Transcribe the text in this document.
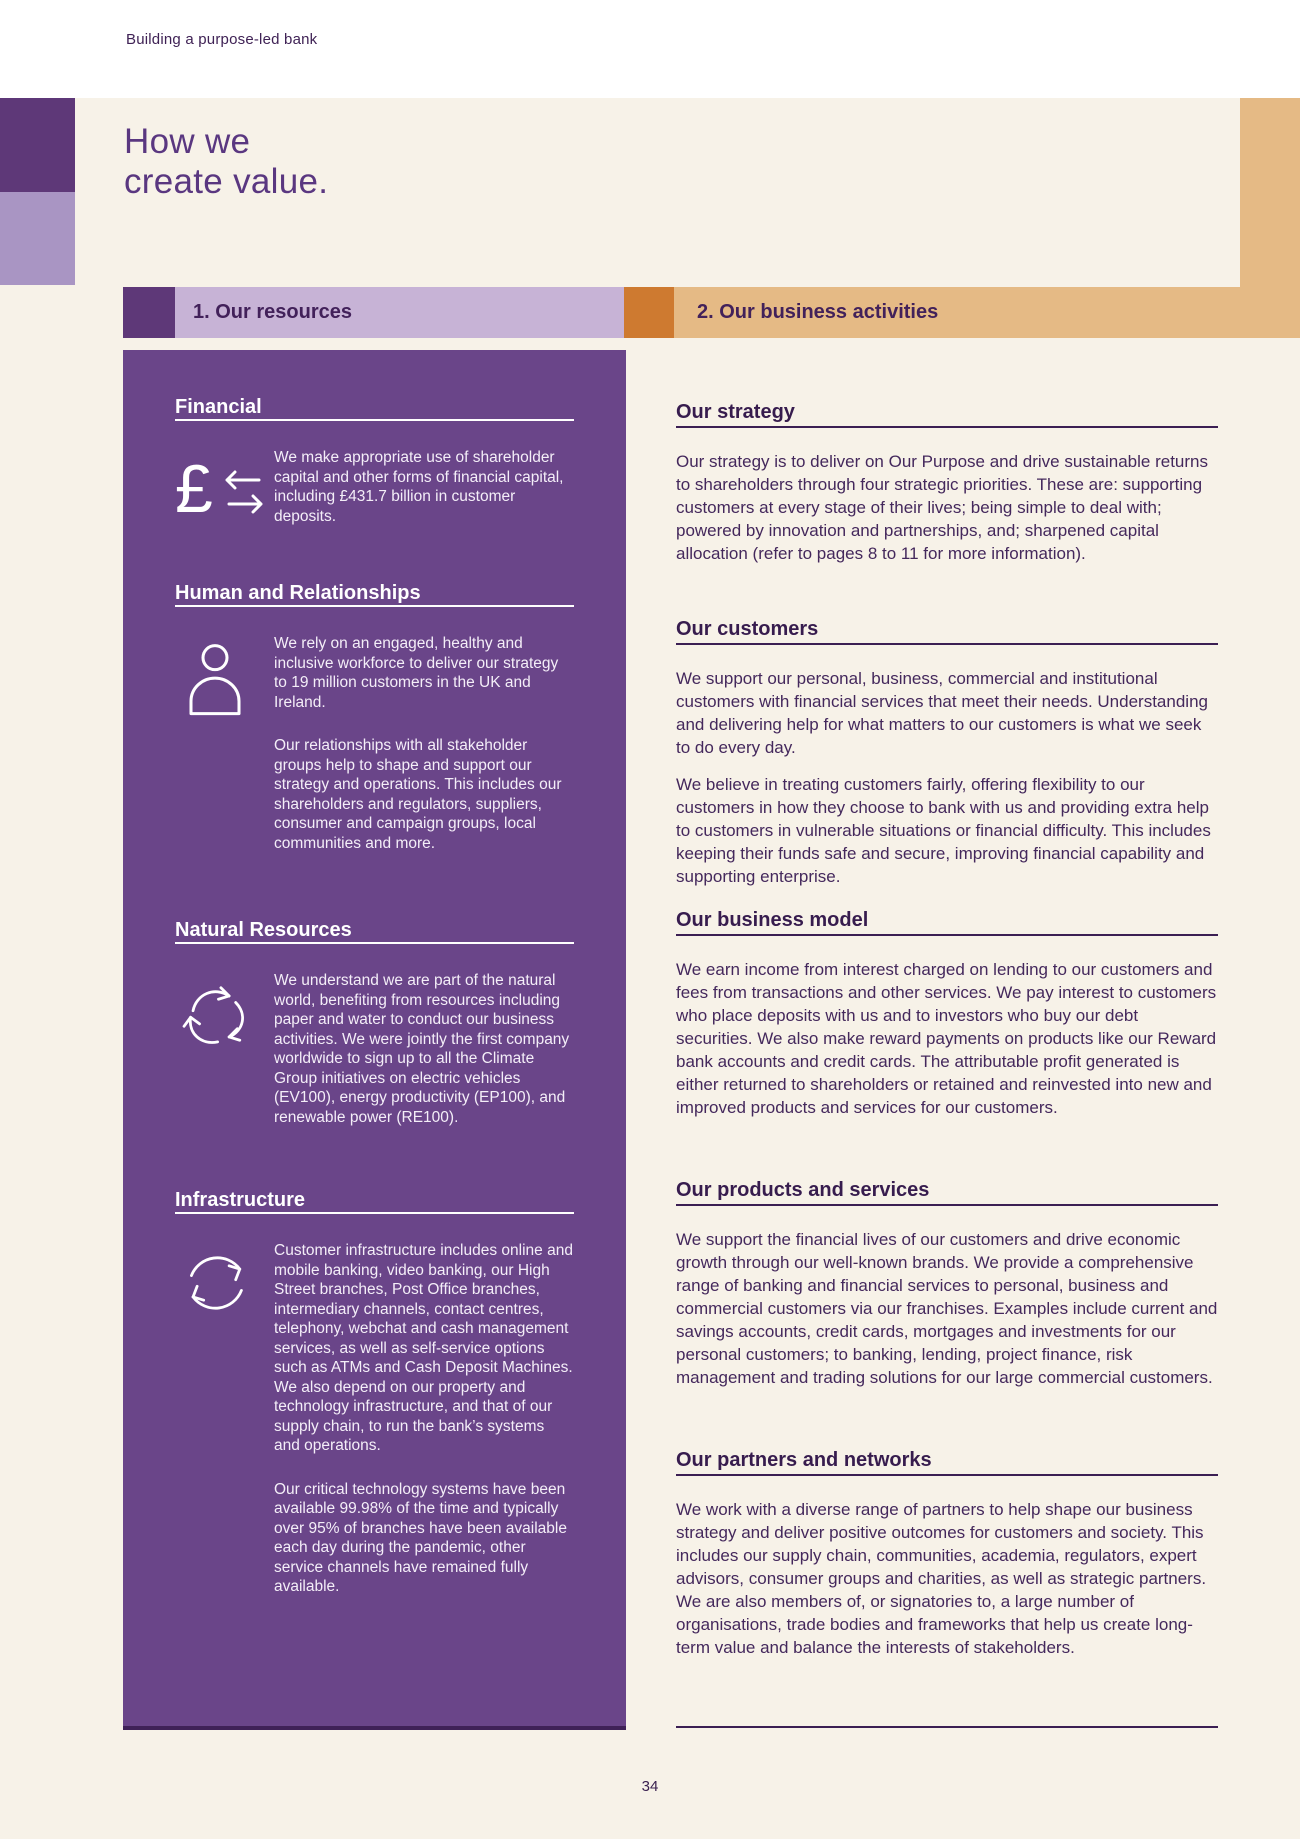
Building a purpose-led bank
How we
create value.
1. Our resources	2. Our business activities
Financial
£	We make appropriate use of shareholder capital and other forms of financial capital, including £431.7 billion in customer deposits.

Human and Relationships

We rely on an engaged, healthy and inclusive workforce to deliver our strategy to 19 million customers in the UK and Ireland.

Our relationships with all stakeholder groups help to shape and support our strategy and operations. This includes our shareholders and regulators, suppliers, consumer and campaign groups, local communities and more.

Natural Resources

We understand we are part of the natural world, benefiting from resources including paper and water to conduct our business activities. We were jointly the first company worldwide to sign up to all the Climate Group initiatives on electric vehicles (EV100), energy productivity (EP100), and renewable power (RE100).

Infrastructure

Customer infrastructure includes online and mobile banking, video banking, our High Street branches, Post Office branches, intermediary channels, contact centres, telephony, webchat and cash management services, as well as self-service options such as ATMs and Cash Deposit Machines. We also depend on our property and technology infrastructure, and that of our supply chain, to run the bank’s systems and operations.

Our critical technology systems have been available 99.98% of the time and typically over 95% of branches have been available each day during the pandemic, other service channels have remained fully available.

Our strategy

Our strategy is to deliver on Our Purpose and drive sustainable returns to shareholders through four strategic priorities. These are: supporting customers at every stage of their lives; being simple to deal with; powered by innovation and partnerships, and; sharpened capital allocation (refer to pages 8 to 11 for more information).

Our customers

We support our personal, business, commercial and institutional customers with financial services that meet their needs. Understanding and delivering help for what matters to our customers is what we seek to do every day.

We believe in treating customers fairly, offering flexibility to our customers in how they choose to bank with us and providing extra help to customers in vulnerable situations or financial difficulty. This includes keeping their funds safe and secure, improving financial capability and supporting enterprise.

Our business model

We earn income from interest charged on lending to our customers and fees from transactions and other services. We pay interest to customers who place deposits with us and to investors who buy our debt securities. We also make reward payments on products like our Reward bank accounts and credit cards. The attributable profit generated is either returned to shareholders or retained and reinvested into new and improved products and services for our customers.

Our products and services

We support the financial lives of our customers and drive economic growth through our well-known brands. We provide a comprehensive range of banking and financial services to personal, business and commercial customers via our franchises. Examples include current and savings accounts, credit cards, mortgages and investments for our personal customers; to banking, lending, project finance, risk management and trading solutions for our large commercial customers.

Our partners and networks

We work with a diverse range of partners to help shape our business strategy and deliver positive outcomes for customers and society. This includes our supply chain, communities, academia, regulators, expert advisors, consumer groups and charities, as well as strategic partners. We are also members of, or signatories to, a large number of organisations, trade bodies and frameworks that help us create long-term value and balance the interests of stakeholders.

34
